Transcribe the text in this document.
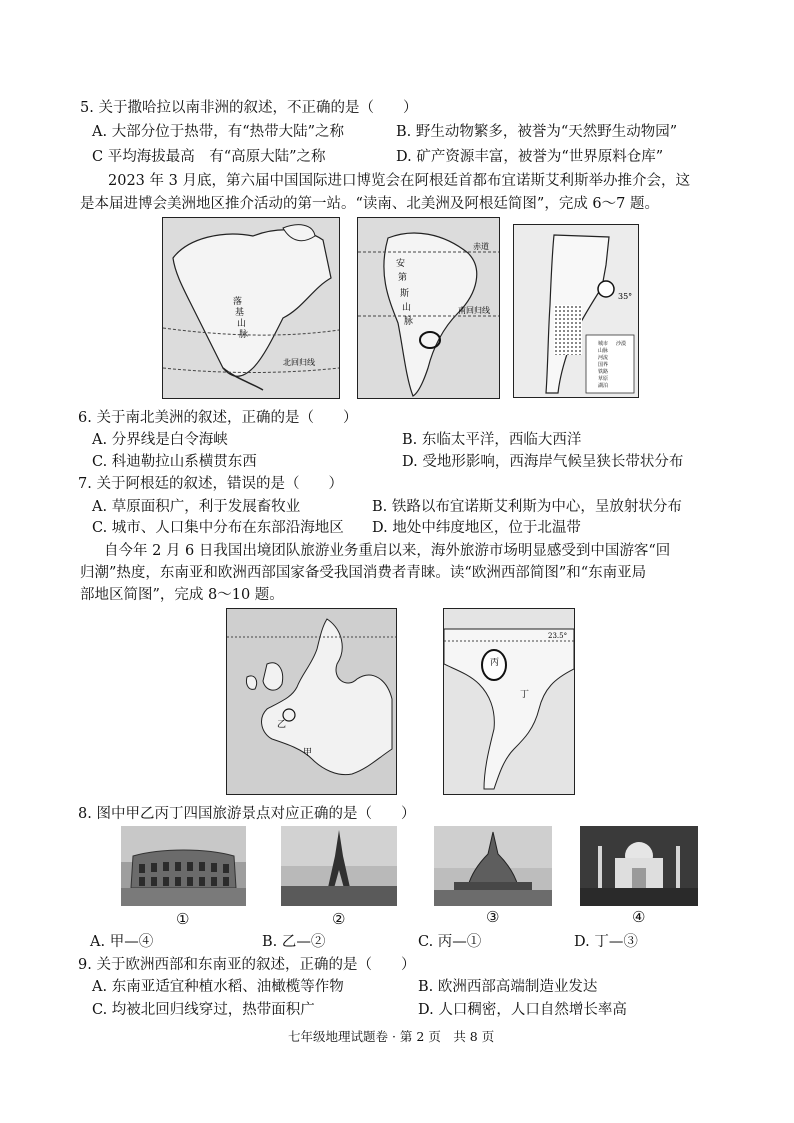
5. 关于撒哈拉以南非洲的叙述，不正确的是（　　）
A. 大部分位于热带，有“热带大陆”之称	B. 野生动物繁多，被誉为“天然野生动物园”
C 平均海拔最高　有“高原大陆”之称	D. 矿产资源丰富，被誉为“世界原料仓库”
2023 年 3 月底，第六届中国国际进口博览会在阿根廷首都布宜诺斯艾利斯举办推介会，这
是本届进博会美洲地区推介活动的第一站。“读南、北美洲及阿根廷简图”，完成 6～7 题。
落
基
山
脉
北回归线
赤道
南回归线
安
第
斯
山
脉
35°
城市
山脉
河流
国界
铁路
草原
湖泊
沙漠
6. 关于南北美洲的叙述，正确的是（　　）
A. 分界线是白令海峡	B. 东临太平洋，西临大西洋
C. 科迪勒拉山系横贯东西	D. 受地形影响，西海岸气候呈狭长带状分布
7. 关于阿根廷的叙述，错误的是（　　）
A. 草原面积广，利于发展畜牧业	B. 铁路以布宜诺斯艾利斯为中心，呈放射状分布
C. 城市、人口集中分布在东部沿海地区 D. 地处中纬度地区，位于北温带
自今年 2 月 6 日我国出境团队旅游业务重启以来，海外旅游市场明显感受到中国游客“回
归潮”热度，东南亚和欧洲西部国家备受我国消费者青睐。读“欧洲西部简图”和“东南亚局
部地区简图”，完成 8～10 题。
乙
甲
23.5°
丙
丁
8. 图中甲乙丙丁四国旅游景点对应正确的是（　　）
①	②	③	④
A. 甲—④	B. 乙—②	C. 丙—①	D. 丁—③
9. 关于欧洲西部和东南亚的叙述，正确的是（　　）
A. 东南亚适宜种植水稻、油橄榄等作物	B. 欧洲西部高端制造业发达
C. 均被北回归线穿过，热带面积广	D. 人口稠密，人口自然增长率高
七年级地理试题卷 · 第 2 页　共 8 页
